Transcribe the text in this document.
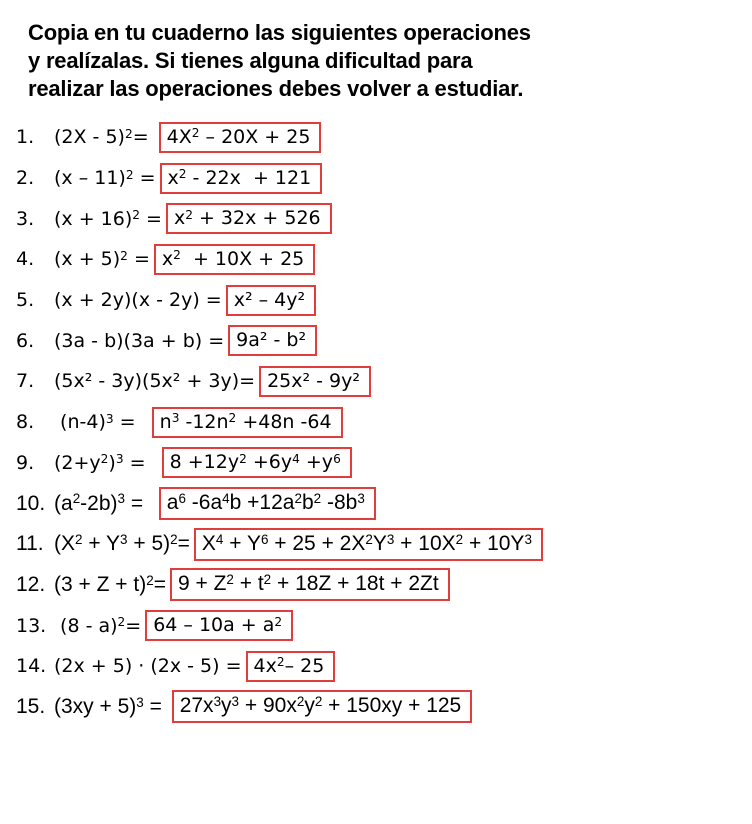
Copia en tu cuaderno las siguientes operaciones
y realízalas. Si tienes alguna dificultad para
realizar las operaciones debes volver a estudiar.
1.	$(2X - 5)^2= 4X^2 - 20X + 25$
2.	$(x - 11)^2 = x^2 - 22x + 121$
3.	$(x + 16)^2 = x^2 + 32x + 526$
4.	$(x + 5)^2 = x^2 + 10X + 25$
5.	(x + 2y)(x - 2y) = x² – 4y²
6.	(3a - b)(3a + b) = 9a² - b²
7.	(5x² - 3y)(5x² + 3y)= 25x² - 9y²
8.	$(n-4)^3 = n^3$ $-12n^2 +48n$ -64
9.	$(2+y^2)^3 = 8 +12y^2 +6y^4 +y^6$
10. $(a^2-2b)^3 = a^6$ $-6a^4b +12a^2b^2$ $-8b^3$
11. $(X^2 + Y^3 + 5)^2= X^4 + Y^6 + 25 + 2X^2Y^3 + 10X^2 + 10Y^3$
12. $(3 + Z + t)^2= 9 + Z^2 + t^2 + 18Z + 18t + 2Zt$
13. $(8 - a)^2= 64 - 10a + a^2$
14. $(2x + 5) \cdot (2x - 5) = 4x^2-$ 25
15. $(3xy + 5)^3 = 27x^3y^3 + 90x^2y^2 + 150xy + 125$
